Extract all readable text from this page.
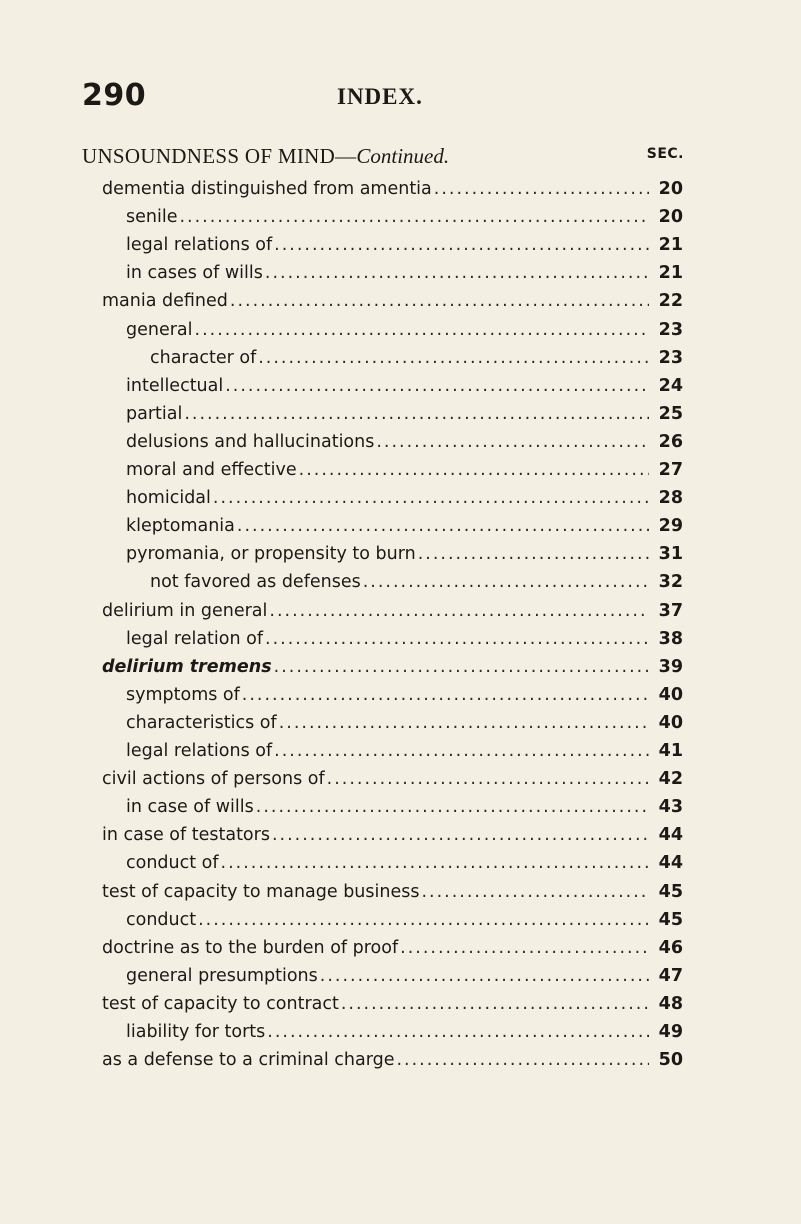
290	INDEX.
UNSOUNDNESS OF MIND—Continued.	SEC.
dementia distinguished from amentia .....	20
senile .....	20
legal relations of .....	21
in cases of wills .....	21
mania defined .....	22
general .....	23
character of .....	23
intellectual .....	24
partial .....	25
delusions and hallucinations .....	26
moral and effective .....	27
homicidal .....	28
kleptomania .....	29
pyromania, or propensity to burn .....	31
not favored as defenses .....	32
delirium in general .....	37
legal relation of .....	38
delirium tremens .....	39
symptoms of .....	40
characteristics of .....	40
legal relations of .....	41
civil actions of persons of .....	42
in case of wills .....	43
in case of testators .....	44
conduct of .....	44
test of capacity to manage business .....	45
conduct .....	45
doctrine as to the burden of proof .....	46
general presumptions .....	47
test of capacity to contract .....	48
liability for torts .....	49
as a defense to a criminal charge .....	50
